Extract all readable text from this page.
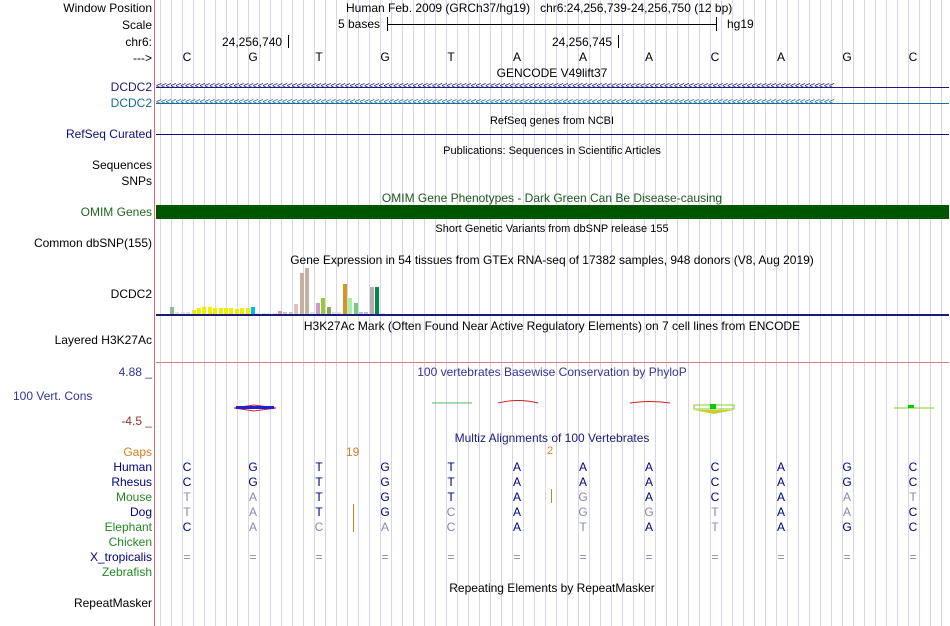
Window Position	Human Feb. 2009 (GRCh37/hg19)   chr6:24,256,739-24,256,750 (12 bp)
Scale	5 bases	hg19
chr6:	24,256,740	24,256,745
--->	C	G	T	G	T	A	A	A	C	A	G	C
GENCODE V49lift37
DCDC2
DCDC2
RefSeq genes from NCBI
RefSeq Curated
Publications: Sequences in Scientific Articles
Sequences
SNPs
OMIM Gene Phenotypes - Dark Green Can Be Disease-causing
OMIM Genes
Short Genetic Variants from dbSNP release 155
Common dbSNP(155)
Gene Expression in 54 tissues from GTEx RNA-seq of 17382 samples, 948 donors (V8, Aug 2019)
DCDC2
H3K27Ac Mark (Often Found Near Active Regulatory Elements) on 7 cell lines from ENCODE
Layered H3K27Ac
4.88 _	100 vertebrates Basewise Conservation by PhyloP
100 Vert. Cons
-4.5 _
Multiz Alignments of 100 Vertebrates
Gaps	19	2
Human	C	G	T	G	T	A	A	A	C	A	G	C
Rhesus	C	G	T	G	T	A	A	A	C	A	G	C
Mouse	T	A	T	G	T	A	G	A	C	A	A	T
Dog	T	A	T	G	C	A	G	G	T	A	A	C
Elephant	C	A	C	A	C	A	T	A	T	A	G	C
Chicken
X_tropicalis	=	=	=	=	=	=	=	=	=	=	=	=
Zebrafish
Repeating Elements by RepeatMasker
RepeatMasker
